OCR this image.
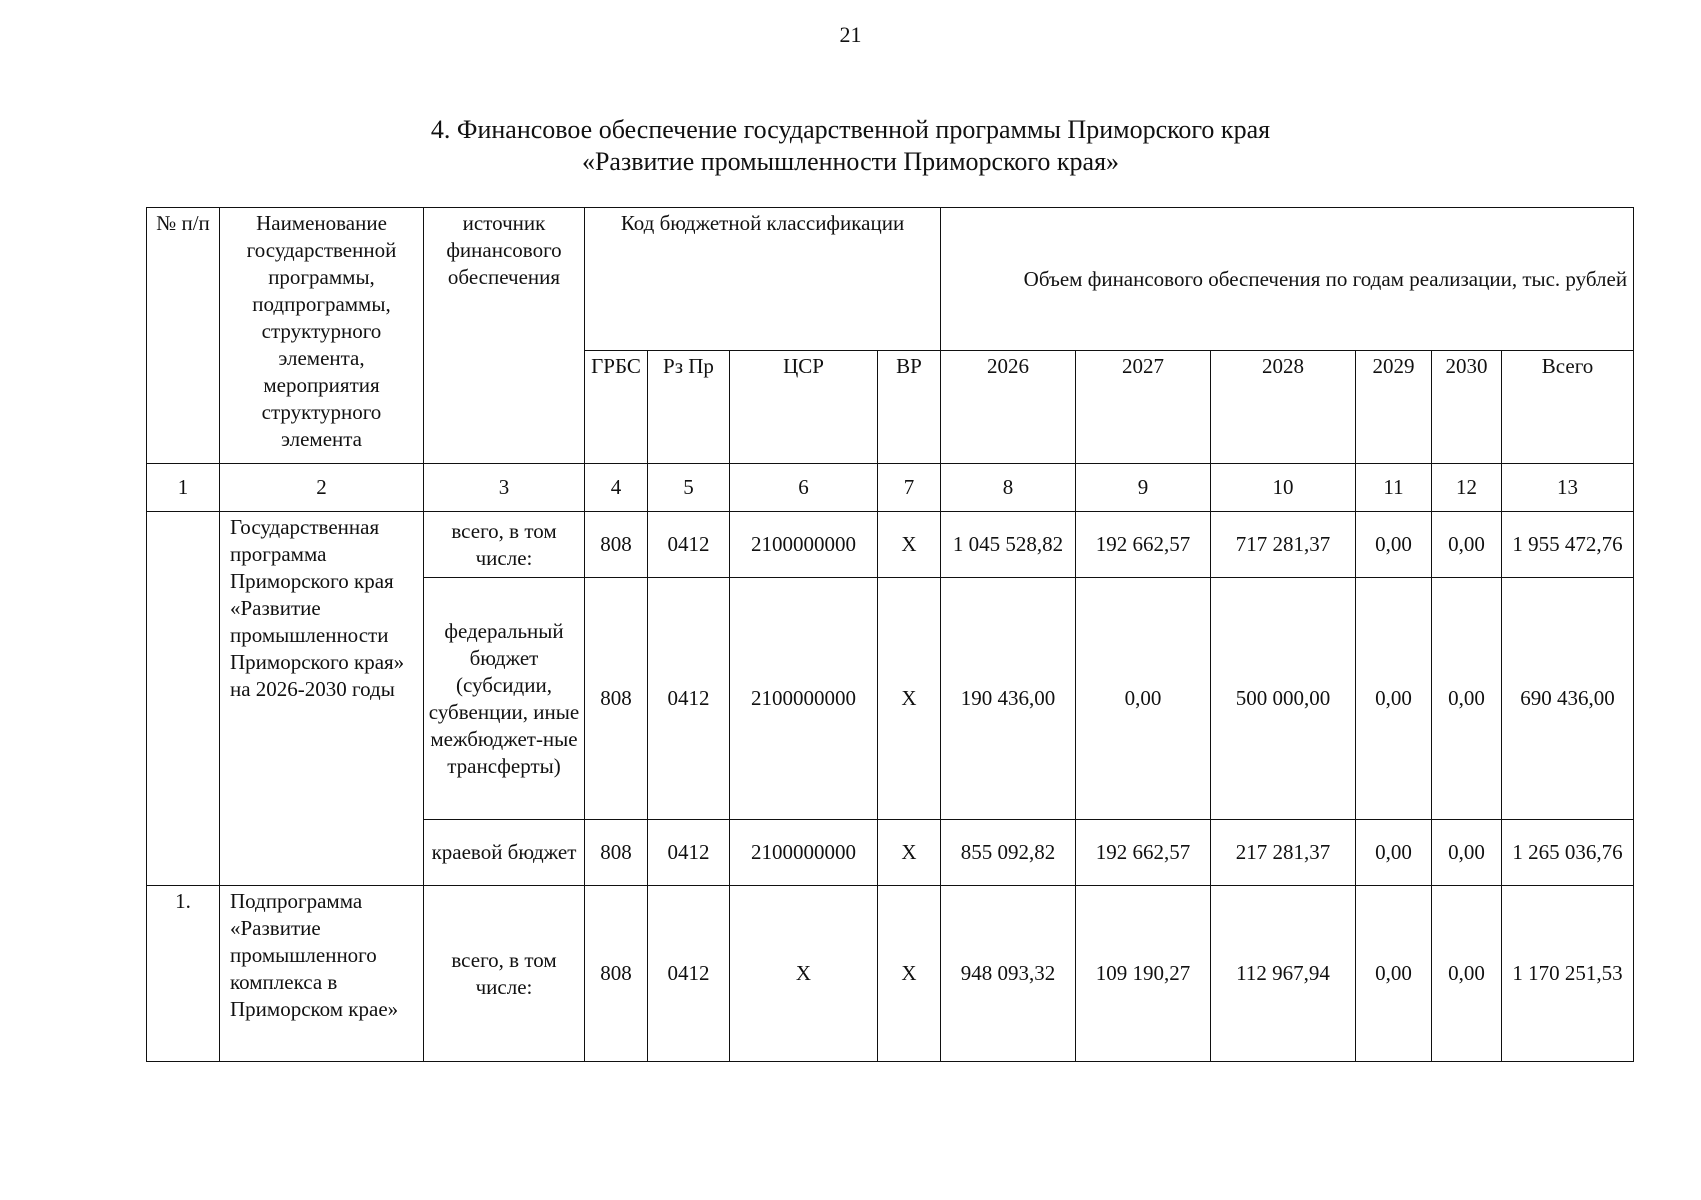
21
4. Финансовое обеспечение государственной программы Приморского края
«Развитие промышленности Приморского края»
№ п/п	Наименование государственной программы, подпрограммы, структурного элемента, мероприятия структурного элемента	источник финансового обеспечения	Код бюджетной классификации				Объем финансового обеспечения по годам реализации, тыс. рублей					
			ГРБС	Рз Пр	ЦСР	ВР	2026	2027	2028	2029	2030	Всего
1	2	3	4	5	6	7	8	9	10	11	12	13
	Государственная программа Приморского края «Развитие промышленности Приморского края» на 2026-2030 годы	всего, в том числе:	808	0412	2100000000	Х	1 045 528,82	192 662,57	717 281,37	0,00	0,00	1 955 472,76
		федеральный бюджет (субсидии, субвенции, иные межбюджет-ные трансферты)	808	0412	2100000000	Х	190 436,00	0,00	500 000,00	0,00	0,00	690 436,00
		краевой бюджет	808	0412	2100000000	Х	855 092,82	192 662,57	217 281,37	0,00	0,00	1 265 036,76
1.	Подпрограмма «Развитие промышленного комплекса в Приморском крае»	всего, в том числе:	808	0412	Х	Х	948 093,32	109 190,27	112 967,94	0,00	0,00	1 170 251,53
